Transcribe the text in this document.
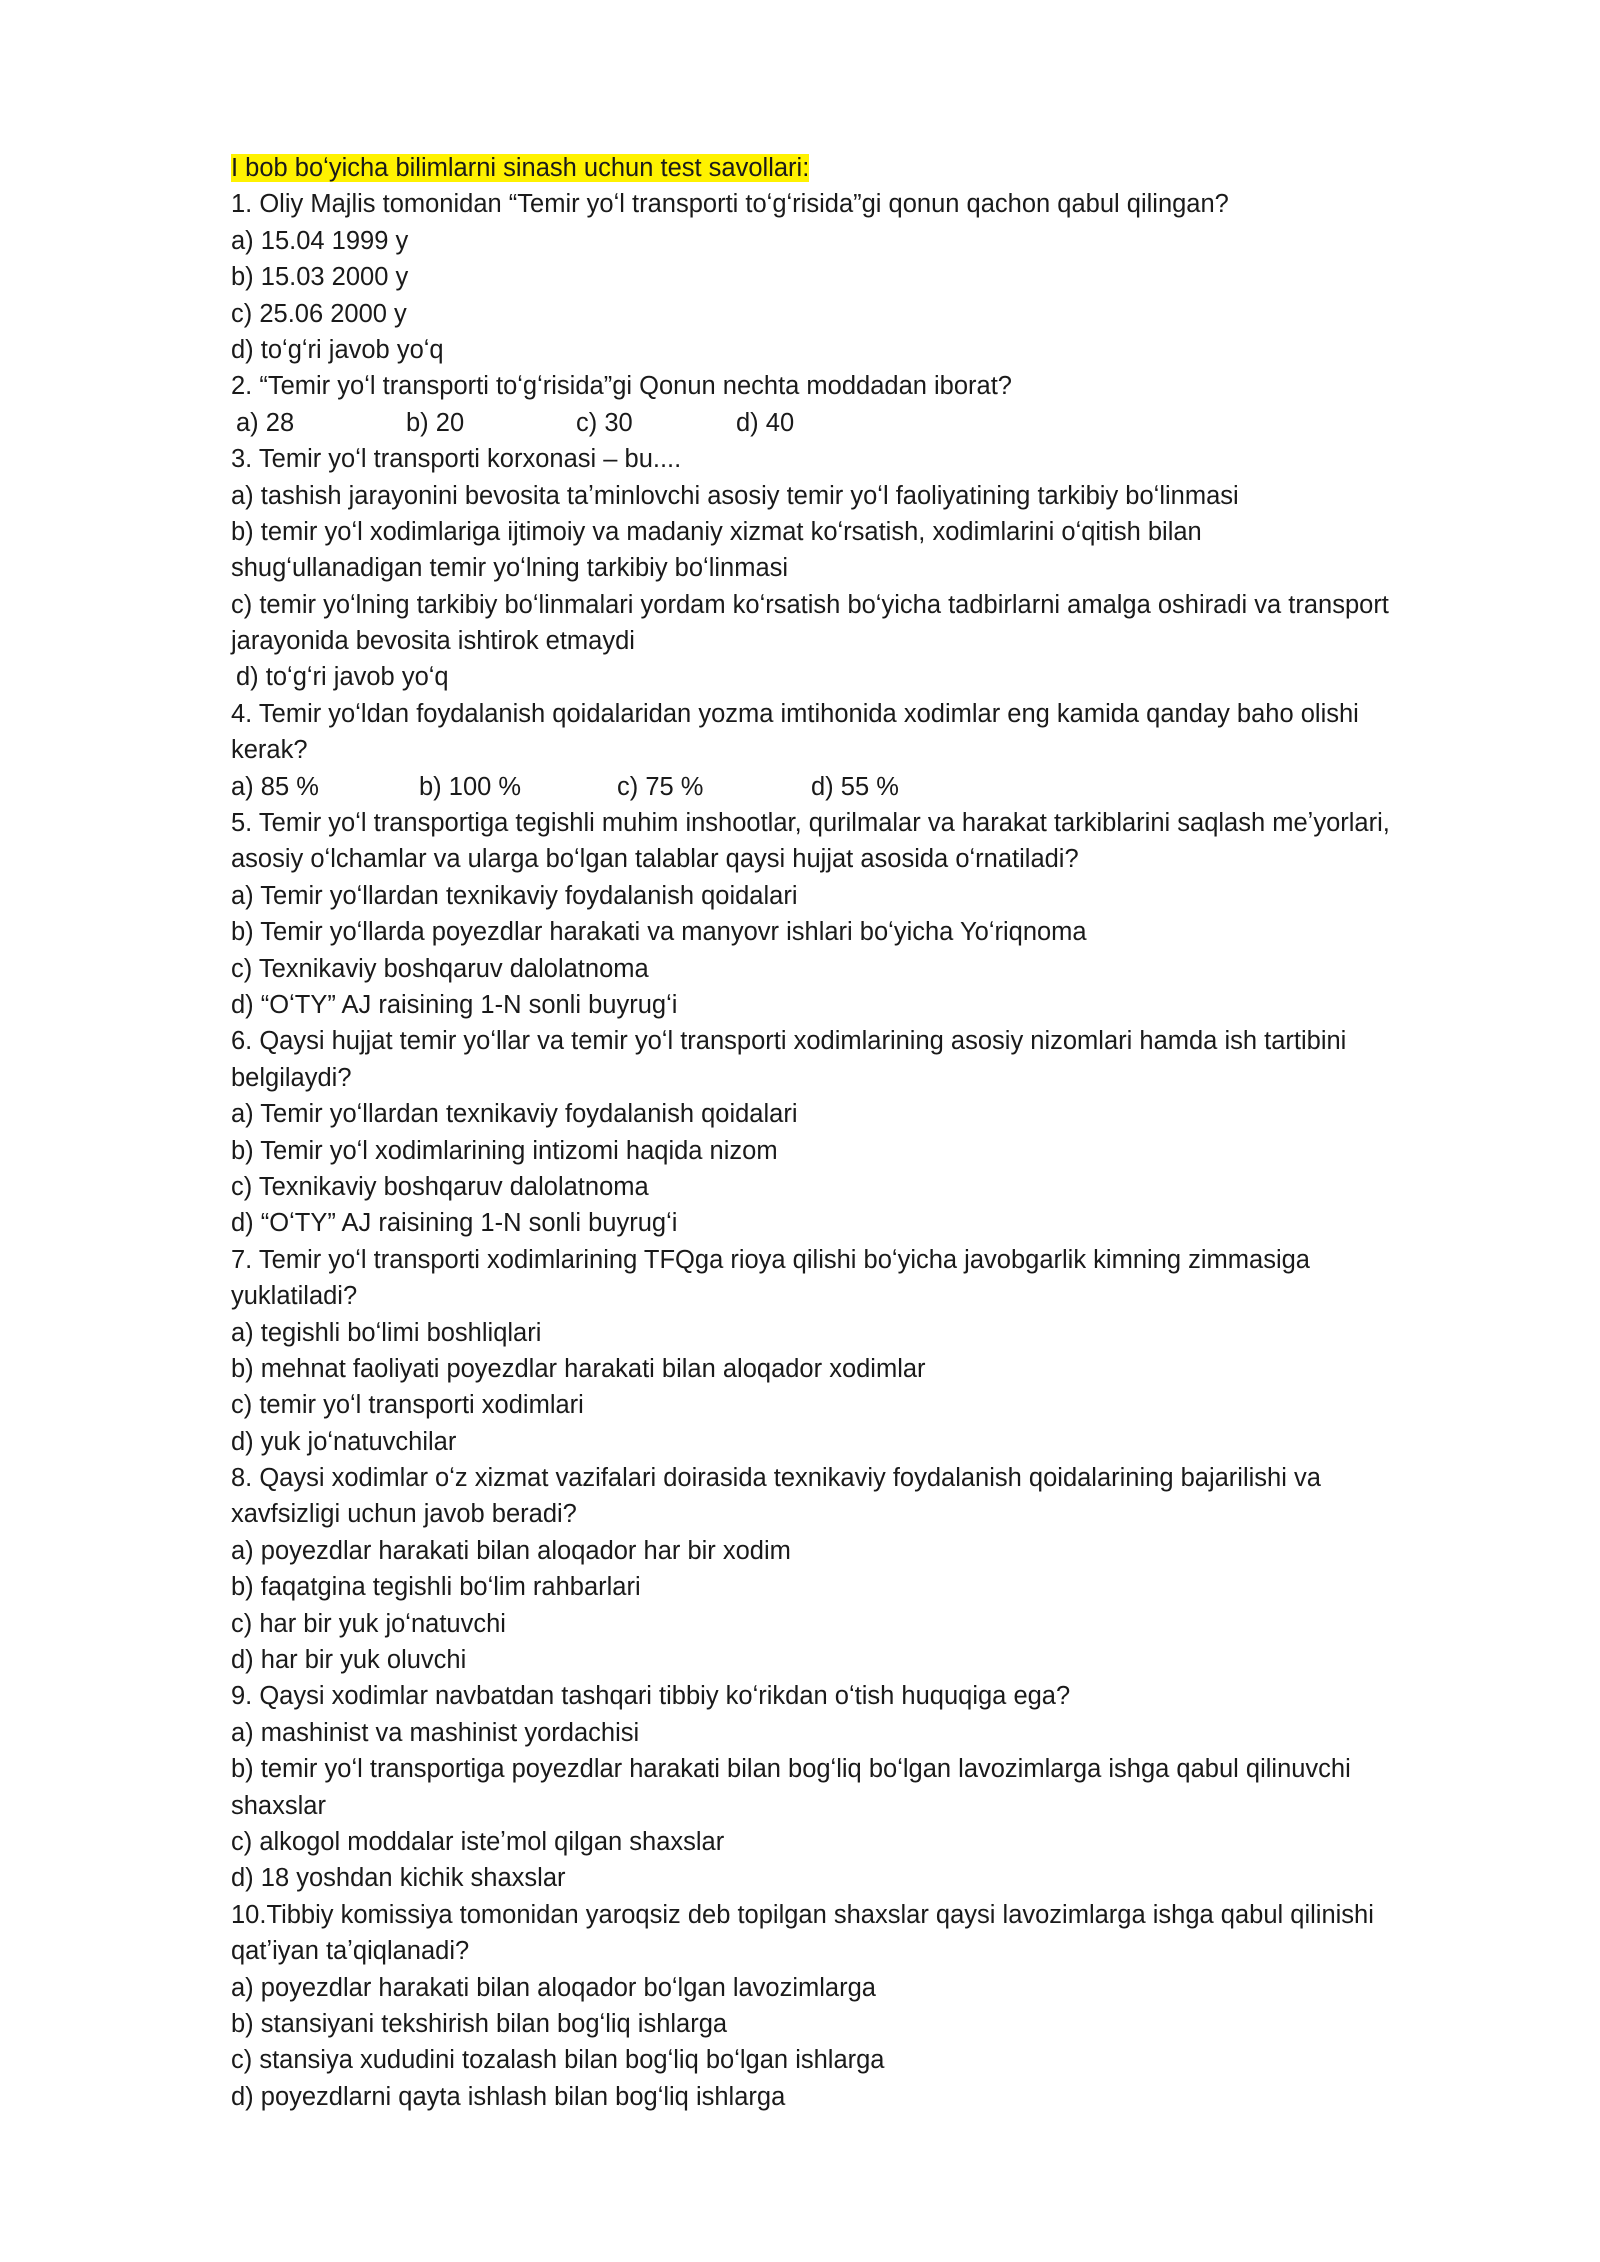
I bob boʻyicha bilimlarni sinash uchun test savollari:
1. Oliy Majlis tomonidan “Temir yoʻl transporti toʻgʻrisida”gi qonun qachon qabul qilingan?
a) 15.04 1999 y
b) 15.03 2000 y
c) 25.06 2000 y
d) toʻgʻri javob yoʻq
2. “Temir yoʻl transporti toʻgʻrisida”gi Qonun nechta moddadan iborat?
a) 28	b) 20	c) 30	d) 40
3. Temir yoʻl transporti korxonasi – bu....
a) tashish jarayonini bevosita taʼminlovchi asosiy temir yoʻl faoliyatining tarkibiy boʻlinmasi
b) temir yoʻl xodimlariga ijtimoiy va madaniy xizmat koʻrsatish, xodimlarini oʻqitish bilan
shugʻullanadigan temir yoʻlning tarkibiy boʻlinmasi
c) temir yoʻlning tarkibiy boʻlinmalari yordam koʻrsatish boʻyicha tadbirlarni amalga oshiradi va transport
jarayonida bevosita ishtirok etmaydi
d) toʻgʻri javob yoʻq
4. Temir yoʻldan foydalanish qoidalaridan yozma imtihonida xodimlar eng kamida qanday baho olishi
kerak?
a) 85 %	b) 100 %	c) 75 %	d) 55 %
5. Temir yoʻl transportiga tegishli muhim inshootlar, qurilmalar va harakat tarkiblarini saqlash meʼyorlari,
asosiy oʻlchamlar va ularga boʻlgan talablar qaysi hujjat asosida oʻrnatiladi?
a) Temir yoʻllardan texnikaviy foydalanish qoidalari
b) Temir yoʻllarda poyezdlar harakati va manyovr ishlari boʻyicha Yoʻriqnoma
c) Texnikaviy boshqaruv dalolatnoma
d) “OʻTY” AJ raisining 1-N sonli buyrugʻi
6. Qaysi hujjat temir yoʻllar va temir yoʻl transporti xodimlarining asosiy nizomlari hamda ish tartibini
belgilaydi?
a) Temir yoʻllardan texnikaviy foydalanish qoidalari
b) Temir yoʻl xodimlarining intizomi haqida nizom
c) Texnikaviy boshqaruv dalolatnoma
d) “OʻTY” AJ raisining 1-N sonli buyrugʻi
7. Temir yoʻl transporti xodimlarining TFQga rioya qilishi boʻyicha javobgarlik kimning zimmasiga
yuklatiladi?
a) tegishli boʻlimi boshliqlari
b) mehnat faoliyati poyezdlar harakati bilan aloqador xodimlar
c) temir yoʻl transporti xodimlari
d) yuk joʻnatuvchilar
8. Qaysi xodimlar oʻz xizmat vazifalari doirasida texnikaviy foydalanish qoidalarining bajarilishi va
xavfsizligi uchun javob beradi?
a) poyezdlar harakati bilan aloqador har bir xodim
b) faqatgina tegishli boʻlim rahbarlari
c) har bir yuk joʻnatuvchi
d) har bir yuk oluvchi
9. Qaysi xodimlar navbatdan tashqari tibbiy koʻrikdan oʻtish huquqiga ega?
a) mashinist va mashinist yordachisi
b) temir yoʻl transportiga poyezdlar harakati bilan bogʻliq boʻlgan lavozimlarga ishga qabul qilinuvchi
shaxslar
c) alkogol moddalar isteʼmol qilgan shaxslar
d) 18 yoshdan kichik shaxslar
10.Tibbiy komissiya tomonidan yaroqsiz deb topilgan shaxslar qaysi lavozimlarga ishga qabul qilinishi
qatʼiyan taʼqiqlanadi?
a) poyezdlar harakati bilan aloqador boʻlgan lavozimlarga
b) stansiyani tekshirish bilan bogʻliq ishlarga
c) stansiya xududini tozalash bilan bogʻliq boʻlgan ishlarga
d) poyezdlarni qayta ishlash bilan bogʻliq ishlarga
